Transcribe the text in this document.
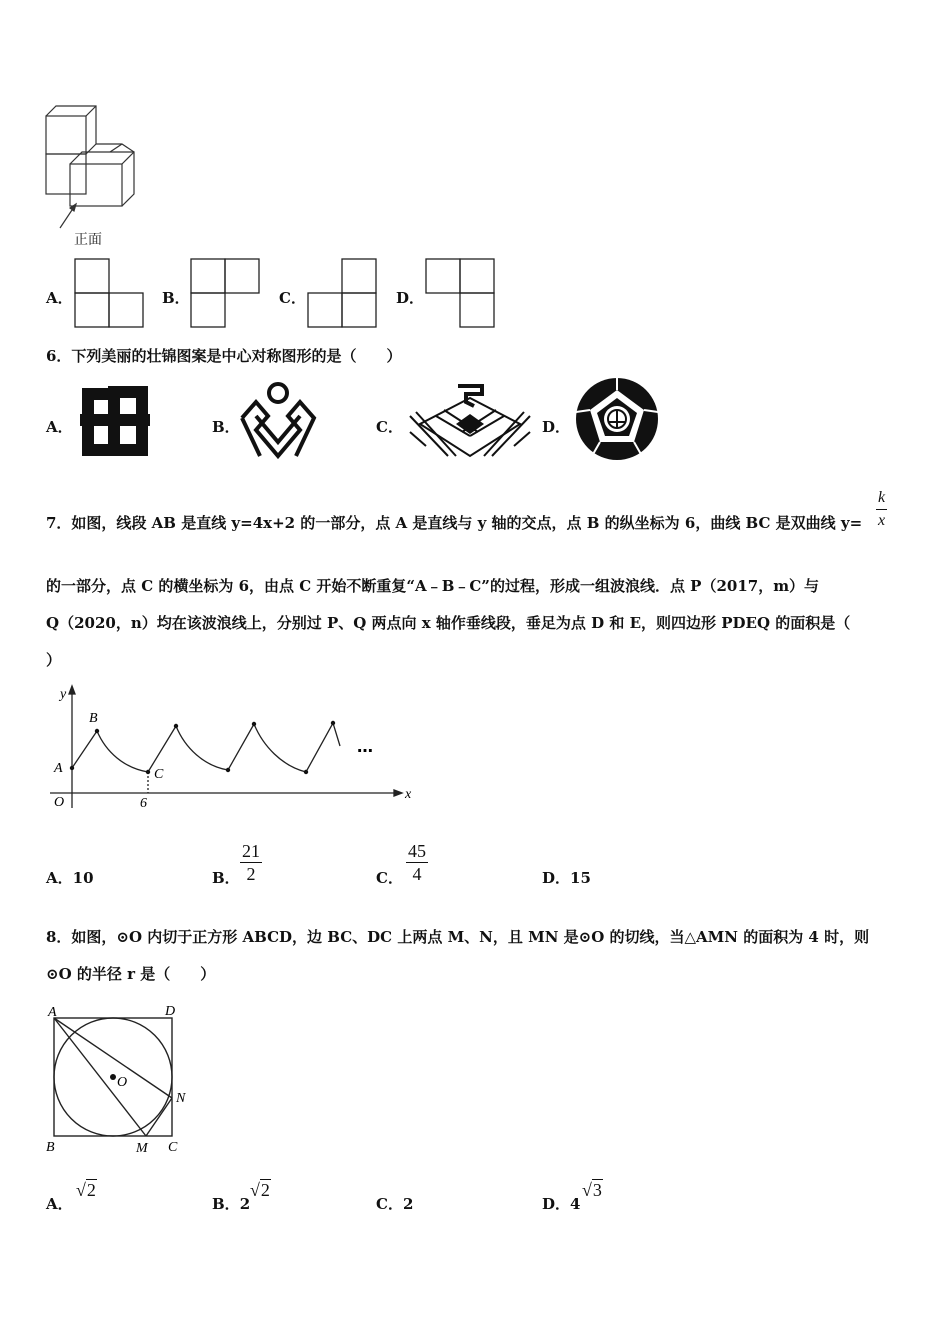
正面
A．	B．	C．	D．
6．下列美丽的壮锦图案是中心对称图形的是（　　）
A．	B．	C．	D．
7．如图，线段 AB 是直线 y=4x+2 的一部分，点 A 是直线与 y 轴的交点，点 B 的纵坐标为 6，曲线 BC 是双曲线 $y= \frac{k}{x}$
的一部分，点 C 的横坐标为 6，由点 C 开始不断重复“A﹣B﹣C”的过程，形成一组波浪线．点 P（2017，m）与
Q（2020，n）均在该波浪线上，分别过 P、Q 两点向 x 轴作垂线段，垂足为点 D 和 E，则四边形 PDEQ 的面积是（
）
y
x
O
A
B
C
6
…
A．10	B． $\frac{21}{2}$	C． $\frac{45}{4}$	D．15
8．如图，⊙O 内切于正方形 ABCD，边 BC、DC 上两点 M、N，且 MN 是⊙O 的切线，当△AMN 的面积为 4 时，则
⊙O 的半径 r 是（　　）
A	D
B	C
M
N
O
A．
√2
B．2
√2
C．2	D．4
√3
